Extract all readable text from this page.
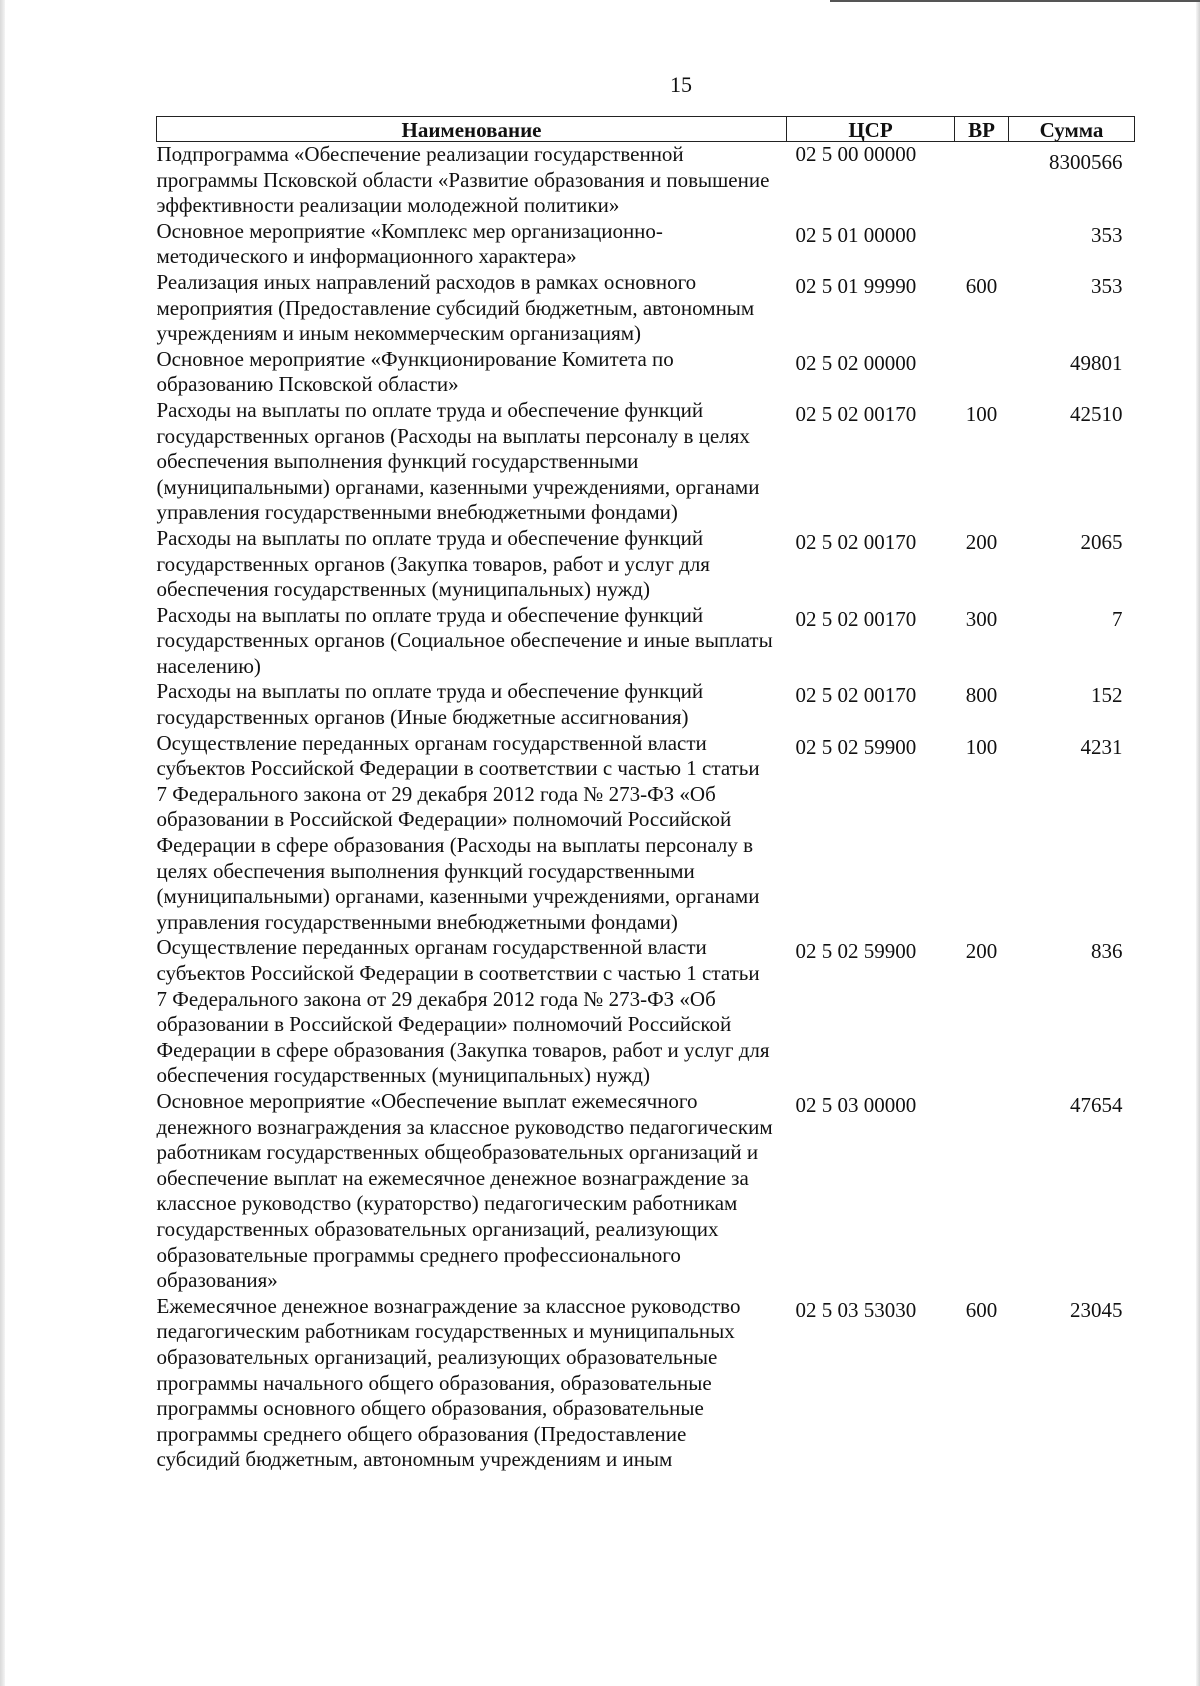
15
Наименование	ЦСР	ВР	Сумма
Подпрограмма «Обеспечение реализации государственной программы Псковской области «Развитие образования и повышение эффективности реализации молодежной политики»	02 5 00 00000		8300566
Основное мероприятие «Комплекс мер организационно-методического и информационного характера»	02 5 01 00000		353
Реализация иных направлений расходов в рамках основного мероприятия (Предоставление субсидий бюджетным, автономным учреждениям и иным некоммерческим организациям)	02 5 01 99990	600	353
Основное мероприятие «Функционирование Комитета по образованию Псковской области»	02 5 02 00000		49801
Расходы на выплаты по оплате труда и обеспечение функций государственных органов (Расходы на выплаты персоналу в целях обеспечения выполнения функций государственными (муниципальными) органами, казенными учреждениями, органами управления государственными внебюджетными фондами)	02 5 02 00170	100	42510
Расходы на выплаты по оплате труда и обеспечение функций государственных органов (Закупка товаров, работ и услуг для обеспечения государственных (муниципальных) нужд)	02 5 02 00170	200	2065
Расходы на выплаты по оплате труда и обеспечение функций государственных органов (Социальное обеспечение и иные выплаты населению)	02 5 02 00170	300	7
Расходы на выплаты по оплате труда и обеспечение функций государственных органов (Иные бюджетные ассигнования)	02 5 02 00170	800	152
Осуществление переданных органам государственной власти субъектов Российской Федерации в соответствии с частью 1 статьи 7 Федерального закона от 29 декабря 2012 года № 273-ФЗ «Об образовании в Российской Федерации» полномочий Российской Федерации в сфере образования (Расходы на выплаты персоналу в целях обеспечения выполнения функций государственными (муниципальными) органами, казенными учреждениями, органами управления государственными внебюджетными фондами)	02 5 02 59900	100	4231
Осуществление переданных органам государственной власти субъектов Российской Федерации в соответствии с частью 1 статьи 7 Федерального закона от 29 декабря 2012 года № 273-ФЗ «Об образовании в Российской Федерации» полномочий Российской Федерации в сфере образования (Закупка товаров, работ и услуг для обеспечения государственных (муниципальных) нужд)	02 5 02 59900	200	836
Основное мероприятие «Обеспечение выплат ежемесячного денежного вознаграждения за классное руководство педагогическим работникам государственных общеобразовательных организаций и обеспечение выплат на ежемесячное денежное вознаграждение за классное руководство (кураторство) педагогическим работникам государственных образовательных организаций, реализующих образовательные программы среднего профессионального образования»	02 5 03 00000		47654
Ежемесячное денежное вознаграждение за классное руководство педагогическим работникам государственных и муниципальных образовательных организаций, реализующих образовательные программы начального общего образования, образовательные программы основного общего образования, образовательные программы среднего общего образования (Предоставление субсидий бюджетным, автономным учреждениям и иным	02 5 03 53030	600	23045
